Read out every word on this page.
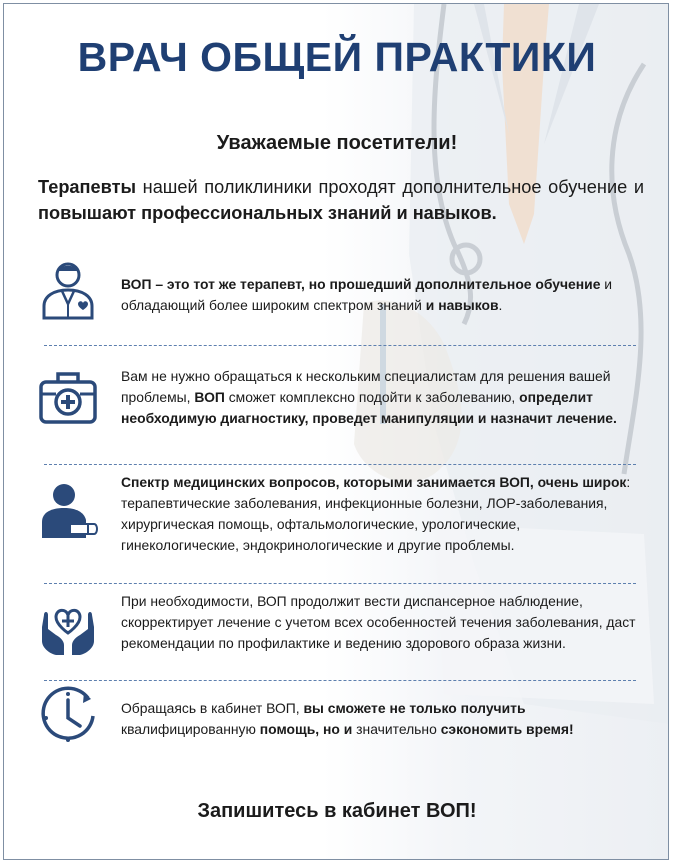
ВРАЧ ОБЩЕЙ ПРАКТИКИ

Уважаемые посетители!

Терапевты нашей поликлиники проходят дополнительное обучение и повышают профессиональных знаний и навыков.

ВОП – это тот же терапевт, но прошедший дополнительное обучение и обладающий более широким спектром знаний и навыков.

Вам не нужно обращаться к нескольким специалистам для решения вашей проблемы, ВОП сможет комплексно подойти к заболеванию, определит необходимую диагностику, проведет манипуляции и назначит лечение.

Спектр медицинских вопросов, которыми занимается ВОП, очень широк: терапевтические заболевания, инфекционные болезни, ЛОР-заболевания, хирургическая помощь, офтальмологические, урологические, гинекологические, эндокринологические и другие проблемы.

При необходимости, ВОП продолжит вести диспансерное наблюдение, скорректирует лечение с учетом всех особенностей течения заболевания, даст рекомендации по профилактике и ведению здорового образа жизни.

Обращаясь в кабинет ВОП, вы сможете не только получить квалифицированную помощь, но и значительно сэкономить время!

Запишитесь в кабинет ВОП!
